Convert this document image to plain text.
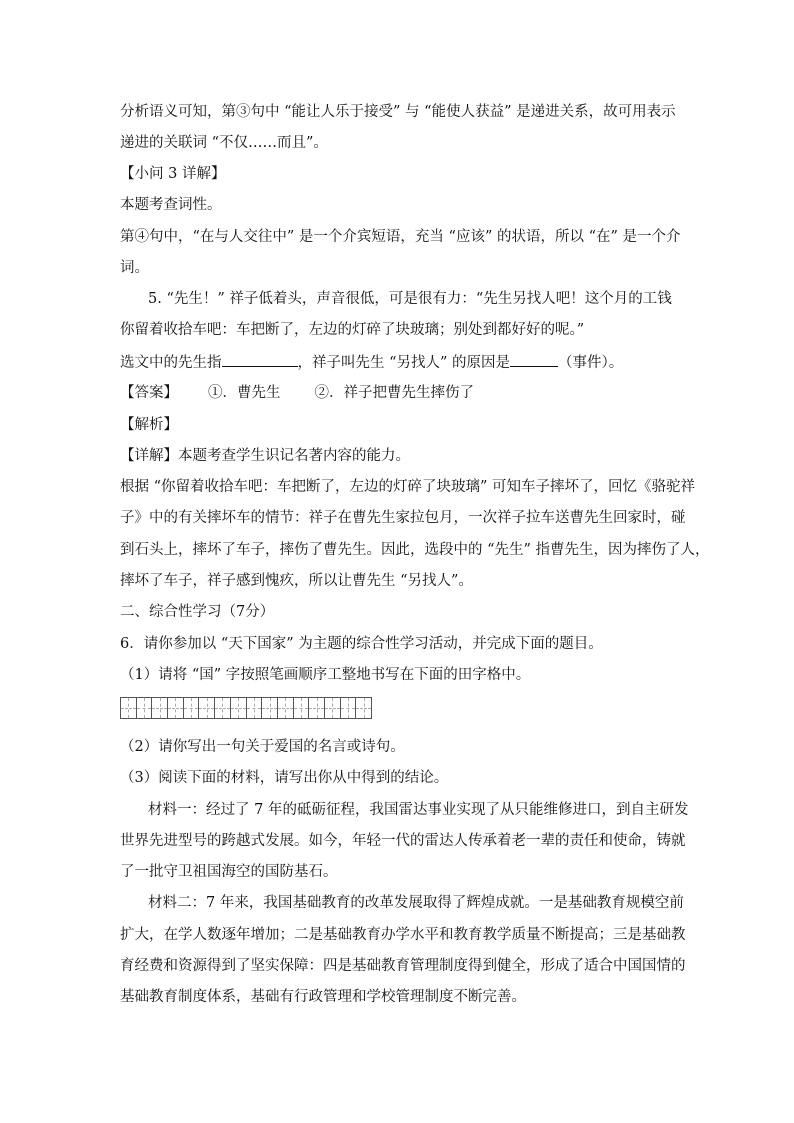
分析语义可知，第③句中 “能让人乐于接受” 与 “能使人获益” 是递进关系，故可用表示
递进的关联词 “不仅……而且”。
【小问 3 详解】
本题考查词性。
第④句中，“在与人交往中” 是一个介宾短语，充当 “应该” 的状语，所以 “在” 是一个介
词。
5. “先生！” 祥子低着头，声音很低，可是很有力：“先生另找人吧！这个月的工钱
你留着收拾车吧：车把断了，左边的灯碎了块玻璃；别处到都好好的呢。”
选文中的先生指	，祥子叫先生 “另找人” 的原因是	（事件）。
【答案】 ①．曹先生 ②．祥子把曹先生摔伤了
【解析】
【详解】本题考查学生识记名著内容的能力。
根据 “你留着收拾车吧：车把断了，左边的灯碎了块玻璃” 可知车子摔坏了，回忆《骆驼祥
子》中的有关摔坏车的情节：祥子在曹先生家拉包月，一次祥子拉车送曹先生回家时，碰
到石头上，摔坏了车子，摔伤了曹先生。因此，选段中的 “先生” 指曹先生，因为摔伤了人，
摔坏了车子，祥子感到愧疚，所以让曹先生 “另找人”。
二、综合性学习（7分）
6．请你参加以 “天下国家” 为主题的综合性学习活动，并完成下面的题目。
（1）请将 “国” 字按照笔画顺序工整地书写在下面的田字格中。
（2）请你写出一句关于爱国的名言或诗句。
（3）阅读下面的材料，请写出你从中得到的结论。
材料一：经过了 7 年的砥砺征程，我国雷达事业实现了从只能维修进口，到自主研发
世界先进型号的跨越式发展。如今，年轻一代的雷达人传承着老一辈的责任和使命，铸就
了一批守卫祖国海空的国防基石。
材料二：7 年来，我国基础教育的改革发展取得了辉煌成就。一是基础教育规模空前
扩大，在学人数逐年增加；二是基础教育办学水平和教育教学质量不断提高；三是基础教
育经费和资源得到了坚实保障：四是基础教育管理制度得到健全，形成了适合中国国情的
基础教育制度体系，基础有行政管理和学校管理制度不断完善。
